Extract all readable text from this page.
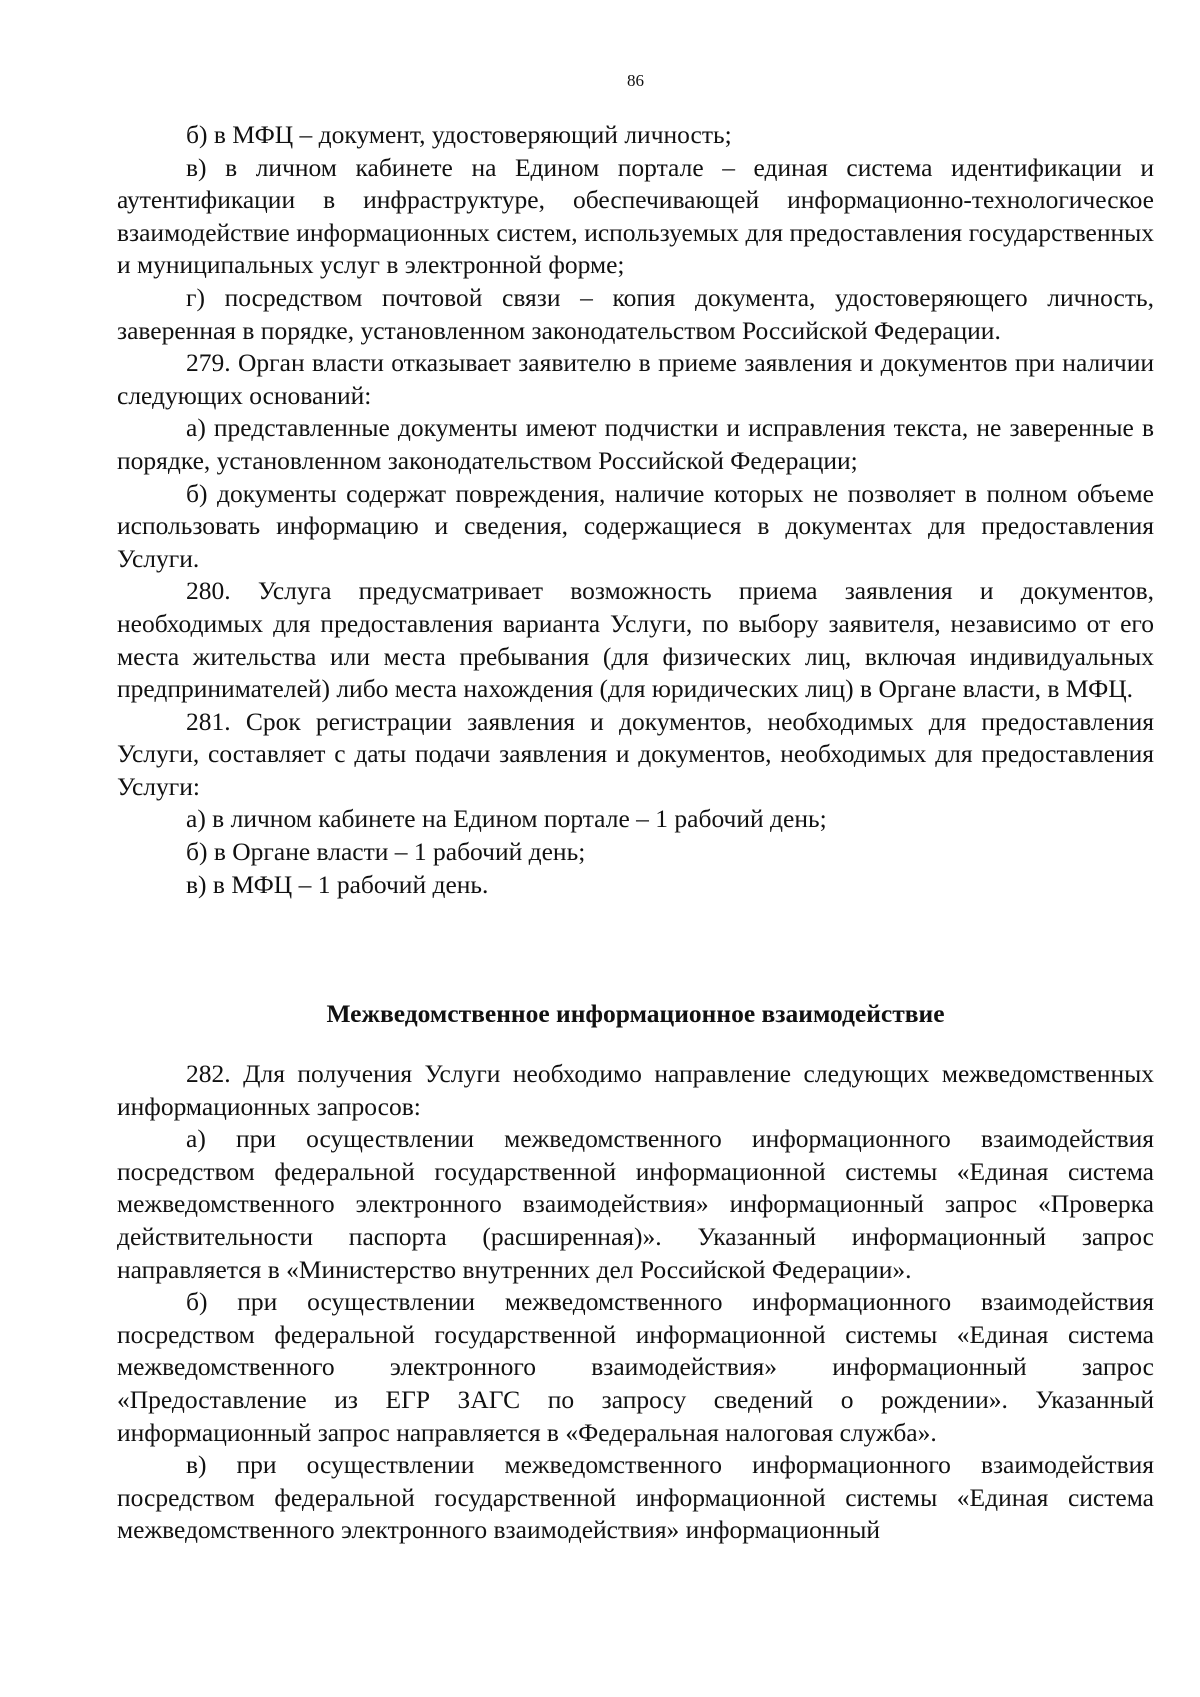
86

б) в МФЦ – документ, удостоверяющий личность;

в) в личном кабинете на Едином портале – единая система идентификации и аутентификации в инфраструктуре, обеспечивающей информационно-технологическое взаимодействие информационных систем, используемых для предоставления государственных и муниципальных услуг в электронной форме;

г) посредством почтовой связи – копия документа, удостоверяющего личность, заверенная в порядке, установленном законодательством Российской Федерации.

279. Орган власти отказывает заявителю в приеме заявления и документов при наличии следующих оснований:

а) представленные документы имеют подчистки и исправления текста, не заверенные в порядке, установленном законодательством Российской Федерации;

б) документы содержат повреждения, наличие которых не позволяет в полном объеме использовать информацию и сведения, содержащиеся в документах для предоставления Услуги.

280. Услуга предусматривает возможность приема заявления и документов, необходимых для предоставления варианта Услуги, по выбору заявителя, независимо от его места жительства или места пребывания (для физических лиц, включая индивидуальных предпринимателей) либо места нахождения (для юридических лиц) в Органе власти, в МФЦ.

281. Срок регистрации заявления и документов, необходимых для предоставления Услуги, составляет с даты подачи заявления и документов, необходимых для предоставления Услуги:

а) в личном кабинете на Едином портале – 1 рабочий день;

б) в Органе власти – 1 рабочий день;

в) в МФЦ – 1 рабочий день.

Межведомственное информационное взаимодействие

282. Для получения Услуги необходимо направление следующих межведомственных информационных запросов:

а) при осуществлении межведомственного информационного взаимодействия посредством федеральной государственной информационной системы «Единая система межведомственного электронного взаимодействия» информационный запрос «Проверка действительности паспорта (расширенная)». Указанный информационный запрос направляется в «Министерство внутренних дел Российской Федерации».

б) при осуществлении межведомственного информационного взаимодействия посредством федеральной государственной информационной системы «Единая система межведомственного электронного взаимодействия» информационный запрос «Предоставление из ЕГР ЗАГС по запросу сведений о рождении». Указанный информационный запрос направляется в «Федеральная налоговая служба».

в) при осуществлении межведомственного информационного взаимодействия посредством федеральной государственной информационной системы «Единая система межведомственного электронного взаимодействия» информационный
